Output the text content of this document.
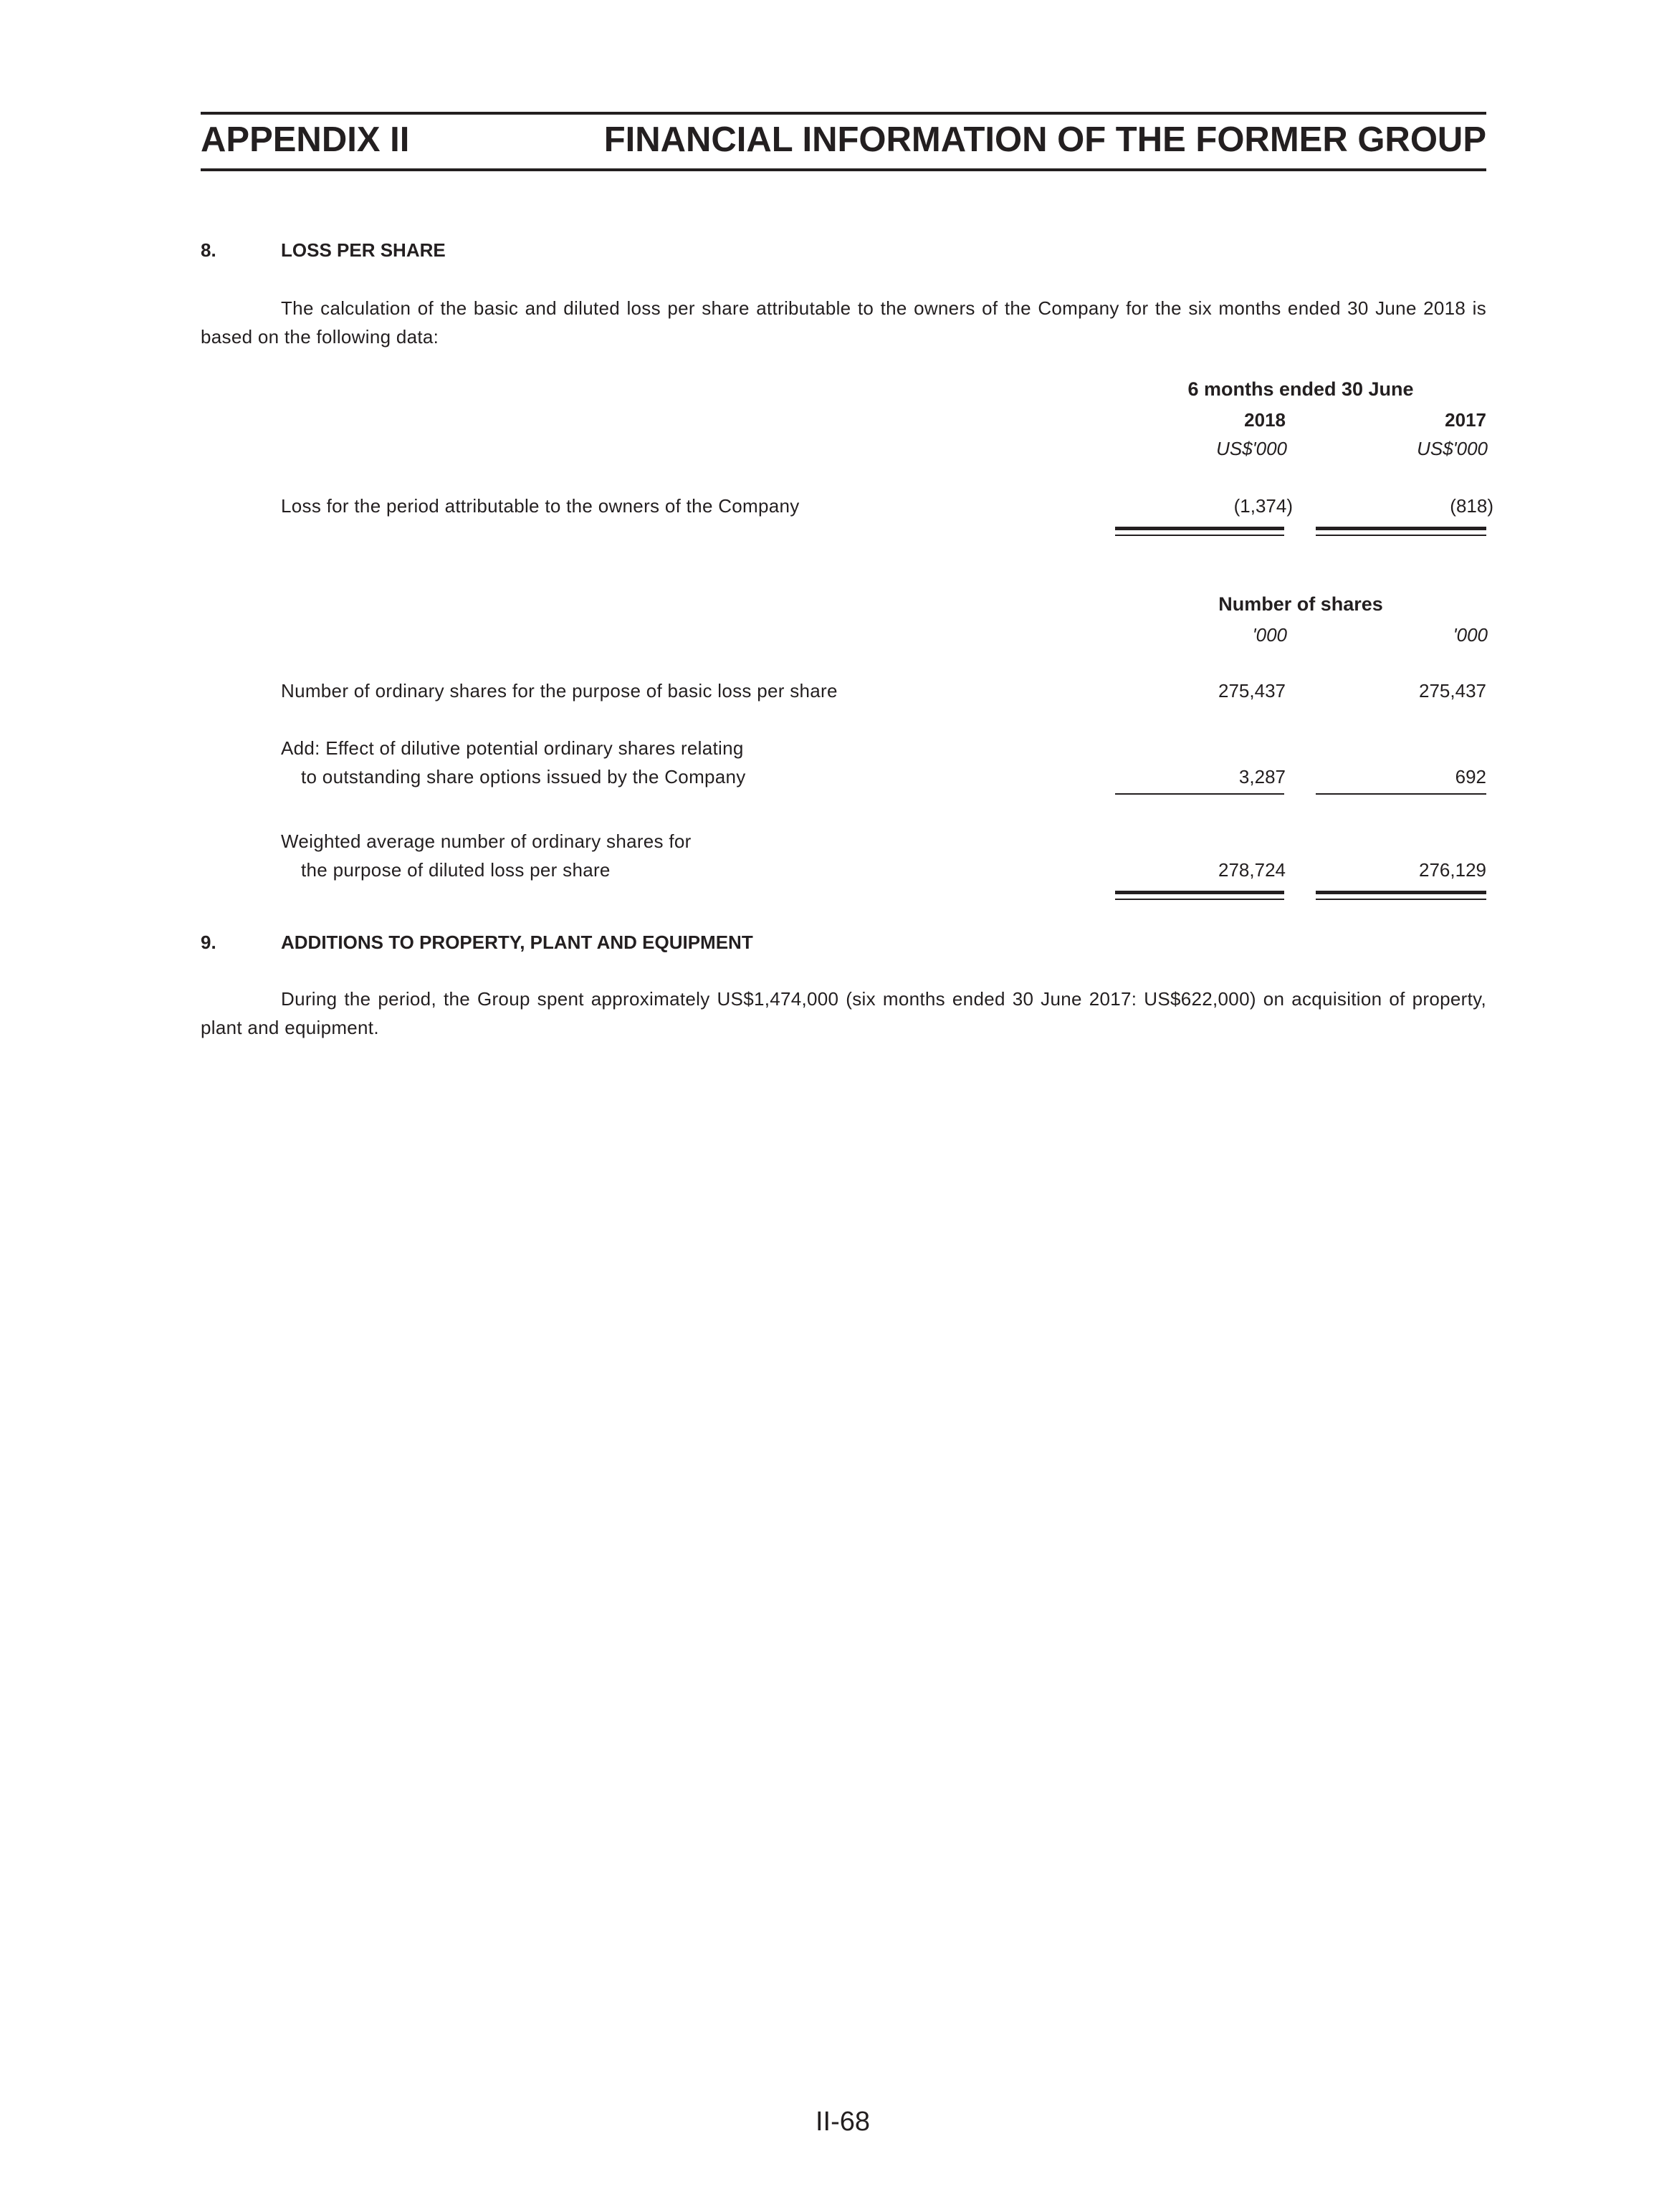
APPENDIX II	FINANCIAL INFORMATION OF THE FORMER GROUP
8.	LOSS PER SHARE
The calculation of the basic and diluted loss per share attributable to the owners of the Company for the six months ended 30 June 2018 is based on the following data:
6 months ended 30 June
2018	2017
US$'000	US$'000
Loss for the period attributable to the owners of the Company	(1,374)	(818)
Number of shares
'000	'000
Number of ordinary shares for the purpose of basic loss per share	275,437	275,437
Add: Effect of dilutive potential ordinary shares relating
to outstanding share options issued by the Company	3,287	692
Weighted average number of ordinary shares for
the purpose of diluted loss per share	278,724	276,129
9.	ADDITIONS TO PROPERTY, PLANT AND EQUIPMENT
During the period, the Group spent approximately US$1,474,000 (six months ended 30 June 2017: US$622,000) on acquisition of property, plant and equipment.
II-68
